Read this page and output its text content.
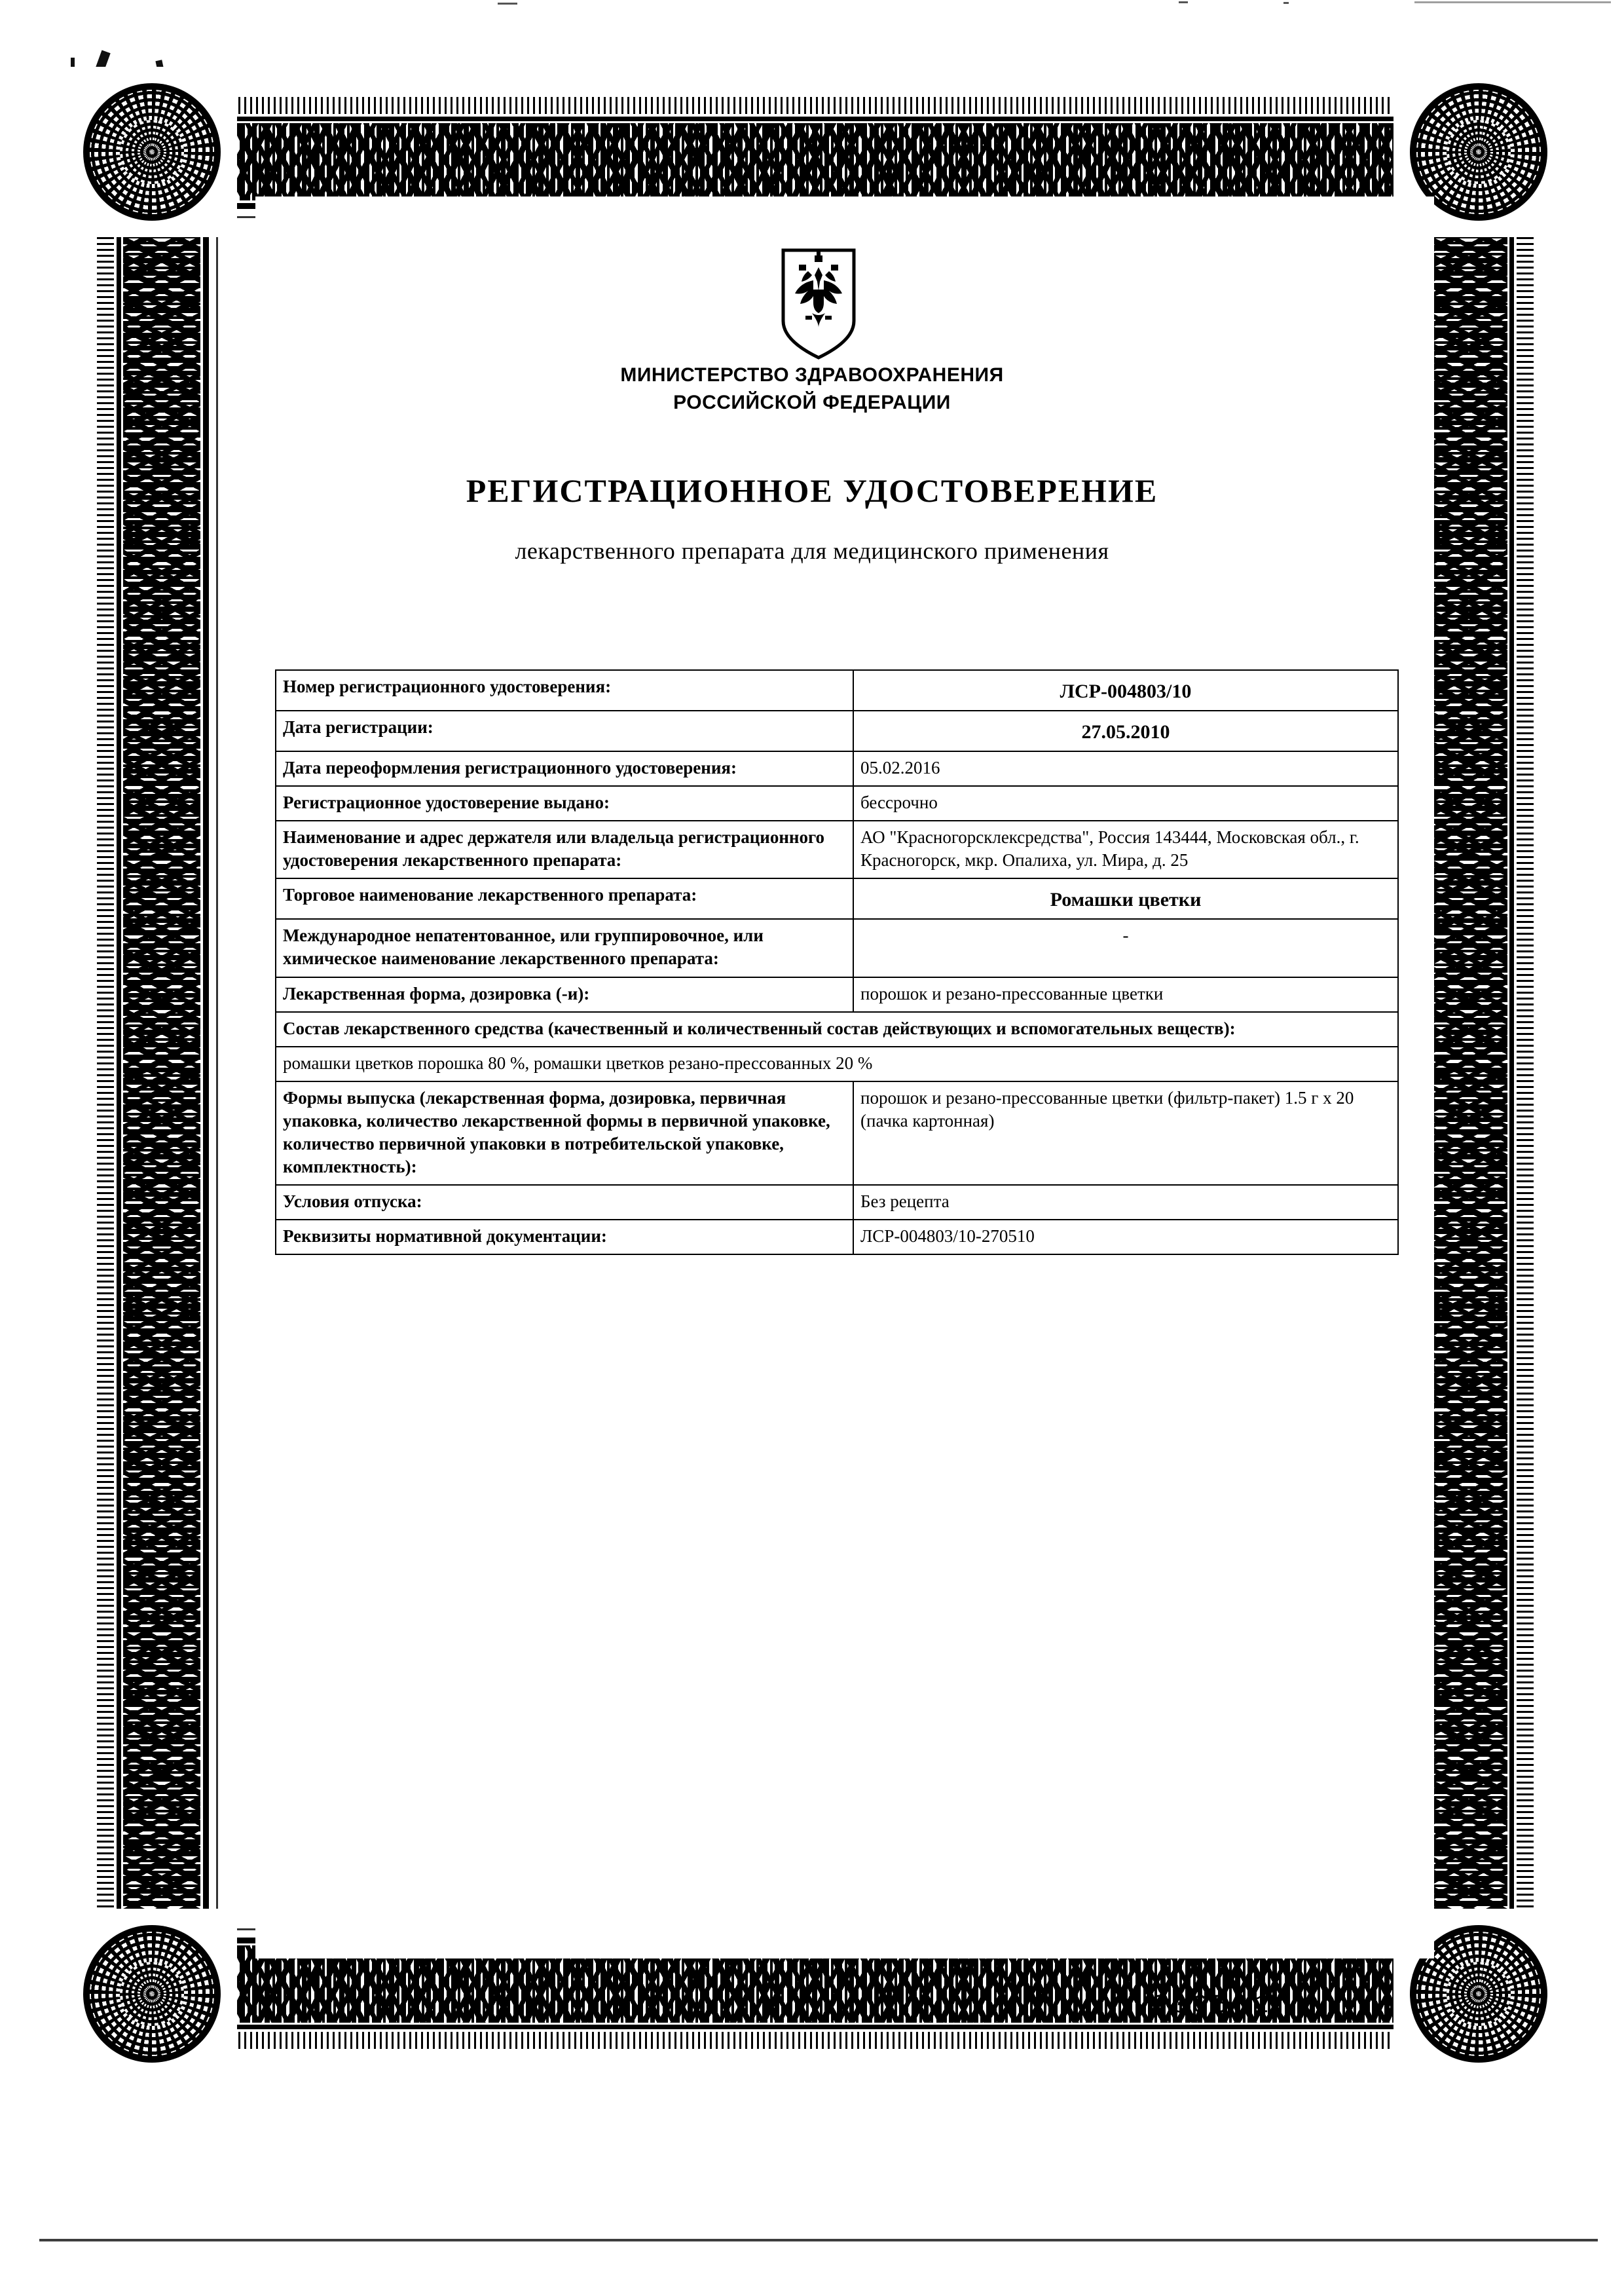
МИНИСТЕРСТВО ЗДРАВООХРАНЕНИЯ
РОССИЙСКОЙ ФЕДЕРАЦИИ
РЕГИСТРАЦИОННОЕ УДОСТОВЕРЕНИЕ
лекарственного препарата для медицинского применения
Номер регистрационного удостоверения:	ЛСР-004803/10
Дата регистрации:	27.05.2010
Дата переоформления регистрационного удостоверения:	05.02.2016
Регистрационное удостоверение выдано:	бессрочно
Наименование и адрес держателя или владельца регистрационного удостоверения лекарственного препарата:	АО "Красногорсклексредства", Россия 143444, Московская обл., г. Красногорск, мкр. Опалиха, ул. Мира, д. 25
Торговое наименование лекарственного препарата:	Ромашки цветки
Международное непатентованное, или группировочное, или химическое наименование лекарственного препарата:	-

Лекарственная форма, дозировка (-и):	порошок и резано-прессованные цветки
Состав лекарственного средства (качественный и количественный состав действующих и вспомогательных веществ):	
ромашки цветков порошка 80 %, ромашки цветков резано-прессованных 20 %	
Формы выпуска (лекарственная форма, дозировка, первичная упаковка, количество лекарственной формы в первичной упаковке, количество первичной упаковки в потребительской упаковке, комплектность):	порошок и резано-прессованные цветки (фильтр-пакет) 1.5 г х 20 (пачка картонная)
Условия отпуска:	Без рецепта
Реквизиты нормативной документации:	ЛСР-004803/10-270510
006581
